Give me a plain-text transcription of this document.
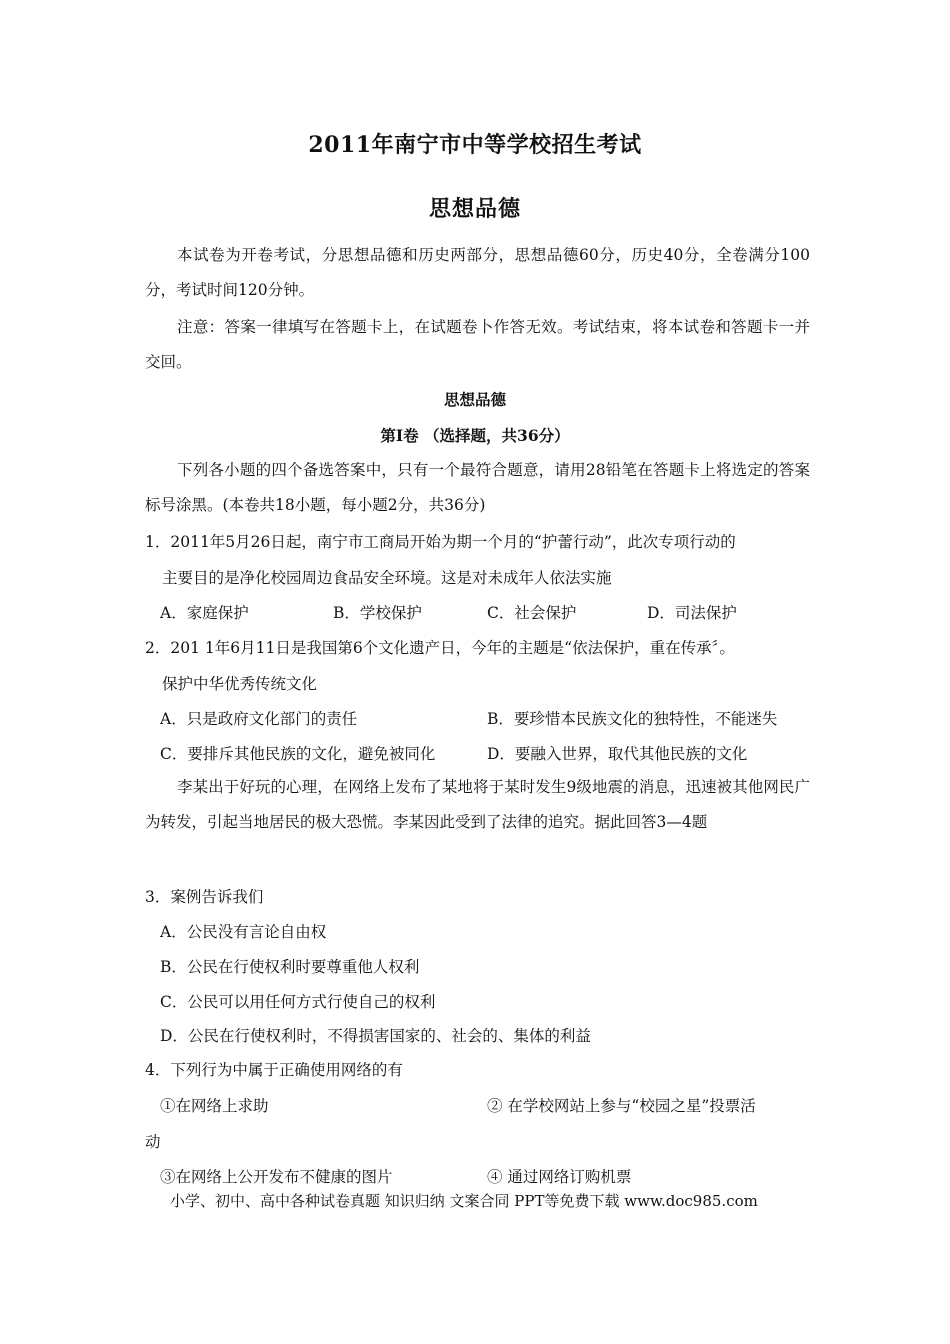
2011年南宁市中等学校招生考试
思想品德

本试卷为开卷考试，分思想品德和历史两部分，思想品德60分，历史40分，全卷满分100分，考试时间120分钟。

注意：答案一律填写在答题卡上，在试题卷卜作答无效。考试结束，将本试卷和答题卡一并交回。

思想品德
第Ⅰ卷 （选择题，共36分）

下列各小题的四个备选答案中，只有一个最符合题意，请用28铅笔在答题卡上将选定的答案标号涂黑。(本卷共18小题，每小题2分，共36分)

1．2011年5月26日起，南宁市工商局开始为期一个月的“护蕾行动”，此次专项行动的
主要目的是净化校园周边食品安全环境。这是对未成年人依法实施
A．家庭保护	B．学校保护	C．社会保护	D．司法保护
2．201 1年6月11日是我国第6个文化遗产日，今年的主题是“依法保护，重在传承〞。
保护中华优秀传统文化
A．只是政府文化部门的责任	B．要珍惜本民族文化的独特性，不能迷失
C．要排斥其他民族的文化，避免被同化	D．要融入世界，取代其他民族的文化

李某出于好玩的心理，在网络上发布了某地将于某时发生9级地震的消息，迅速被其他网民广为转发，引起当地居民的极大恐慌。李某因此受到了法律的追究。据此回答3—4题

3．案例告诉我们
A．公民没有言论自由权
B．公民在行使权利时要尊重他人权利
C．公民可以用任何方式行使自己的权利
D．公民在行使权利时，不得损害国家的、社会的、集体的利益
4．下列行为中属于正确使用网络的有
①在网络上求助	② 在学校网站上参与“校园之星”投票活
动
③在网络上公开发布不健康的图片	④ 通过网络订购机票
小学、初中、高中各种试卷真题 知识归纳 文案合同 PPT等免费下载 www.doc985.com
